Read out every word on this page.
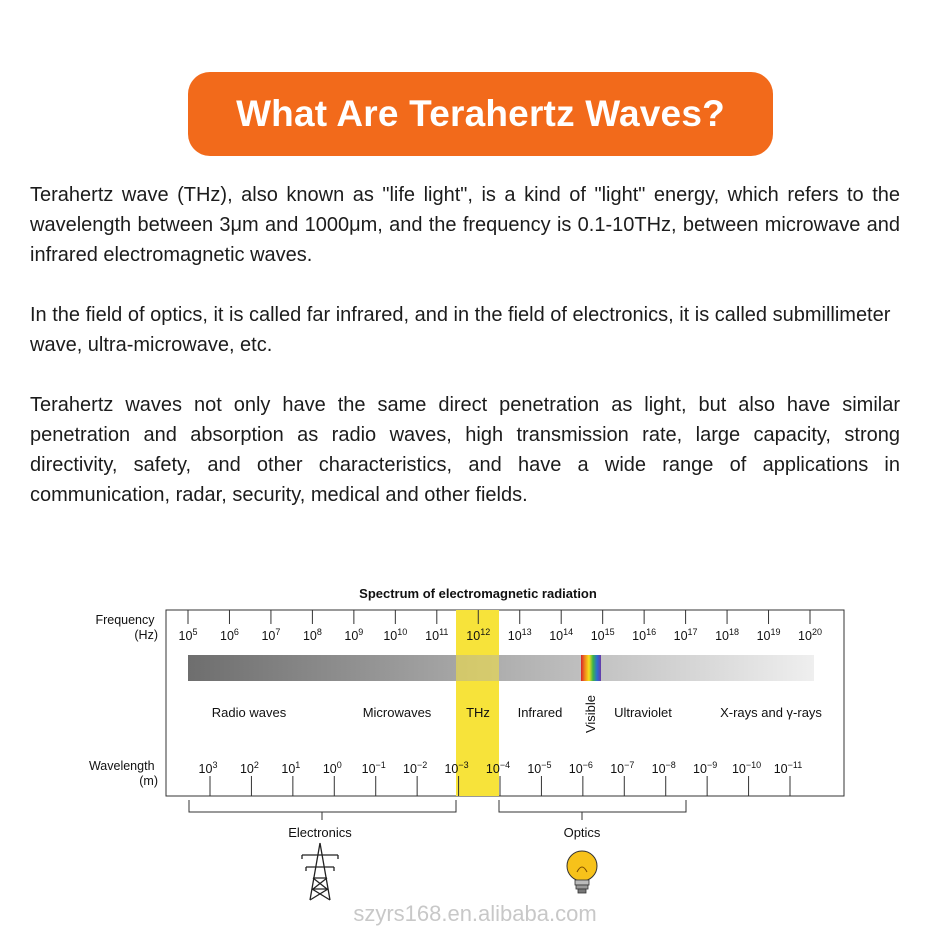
What Are Terahertz Waves?

Terahertz wave (THz), also known as "life light", is a kind of "light" energy, which refers to the wavelength between 3μm and 1000μm, and the frequency is 0.1-10THz, between microwave and infrared electromagnetic waves.

In the field of optics, it is called far infrared, and in the field of electronics, it is called submillimeter wave, ultra-microwave, etc.

Terahertz waves not only have the same direct penetration as light, but also have similar penetration and absorption as radio waves, high transmission rate, large capacity, strong directivity, safety, and other characteristics, and have a wide range of applications in communication, radar, security, medical and other fields.

Spectrum of electromagnetic radiation
Frequency (Hz)
Wavelength (m)
$10^5$ $10^6$ $10^7$ $10^8$ $10^9$ $10^{10}$ $10^{11}$ $10^{12}$ $10^{13}$ $10^{14}$ $10^{15}$ $10^{16}$ $10^{17}$ $10^{18}$ $10^{19}$ $10^{20}$
$10^3$ $10^2$ $10^1$ $10^0$ $10^{-1}$ $10^{-2}$ $10^{-3}$ $10^{-4}$ $10^{-5}$ $10^{-6}$ $10^{-7}$ $10^{-8}$ $10^{-9}$ $10^{-10}$ $10^{-11}$
Radio waves	Microwaves	THz Infrared Visible Ultraviolet	X-rays and γ-rays
Electronics	Optics
szyrs168.en.alibaba.com
